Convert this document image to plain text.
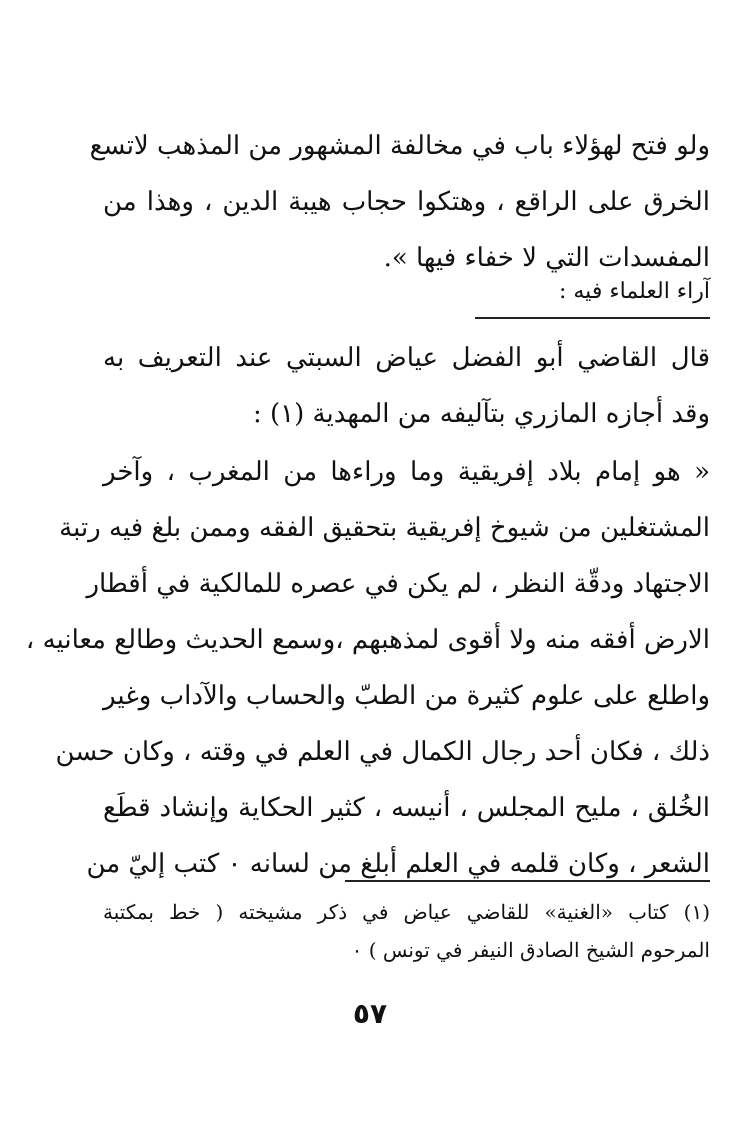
ولو فتح لهؤلاء باب في مخالفة المشهور من المذهب لاتسع
الخرق على الراقع ، وهتكوا حجاب هيبة الدين ، وهذا من
المفسدات التي لا خفاء فيها ».
آراء العلماء فيه :
قال القاضي أبو الفضل عياض السبتي عند التعريف به
وقد أجازه المازري بتآليفه من المهدية (١) :
« هو إمام بلاد إفريقية وما وراءها من المغرب ، وآخر
المشتغلين من شيوخ إفريقية بتحقيق الفقه وممن بلغ فيه رتبة
الاجتهاد ودقّة النظر ، لم يكن في عصره للمالكية في أقطار
الارض أفقه منه ولا أقوى لمذهبهم ،وسمع الحديث وطالع معانيه ،
واطلع على علوم كثيرة من الطبّ والحساب والآداب وغير
ذلك ، فكان أحد رجال الكمال في العلم في وقته ، وكان حسن
الخُلق ، مليح المجلس ، أنيسه ، كثير الحكاية وإنشاد قطَع
الشعر ، وكان قلمه في العلم أبلغ من لسانه ٠ كتب إليّ من
(١) كتاب «الغنية» للقاضي عياض في ذكر مشيخته ( خط بمكتبة
المرحوم الشيخ الصادق النيفر في تونس ) ٠
٥٧
